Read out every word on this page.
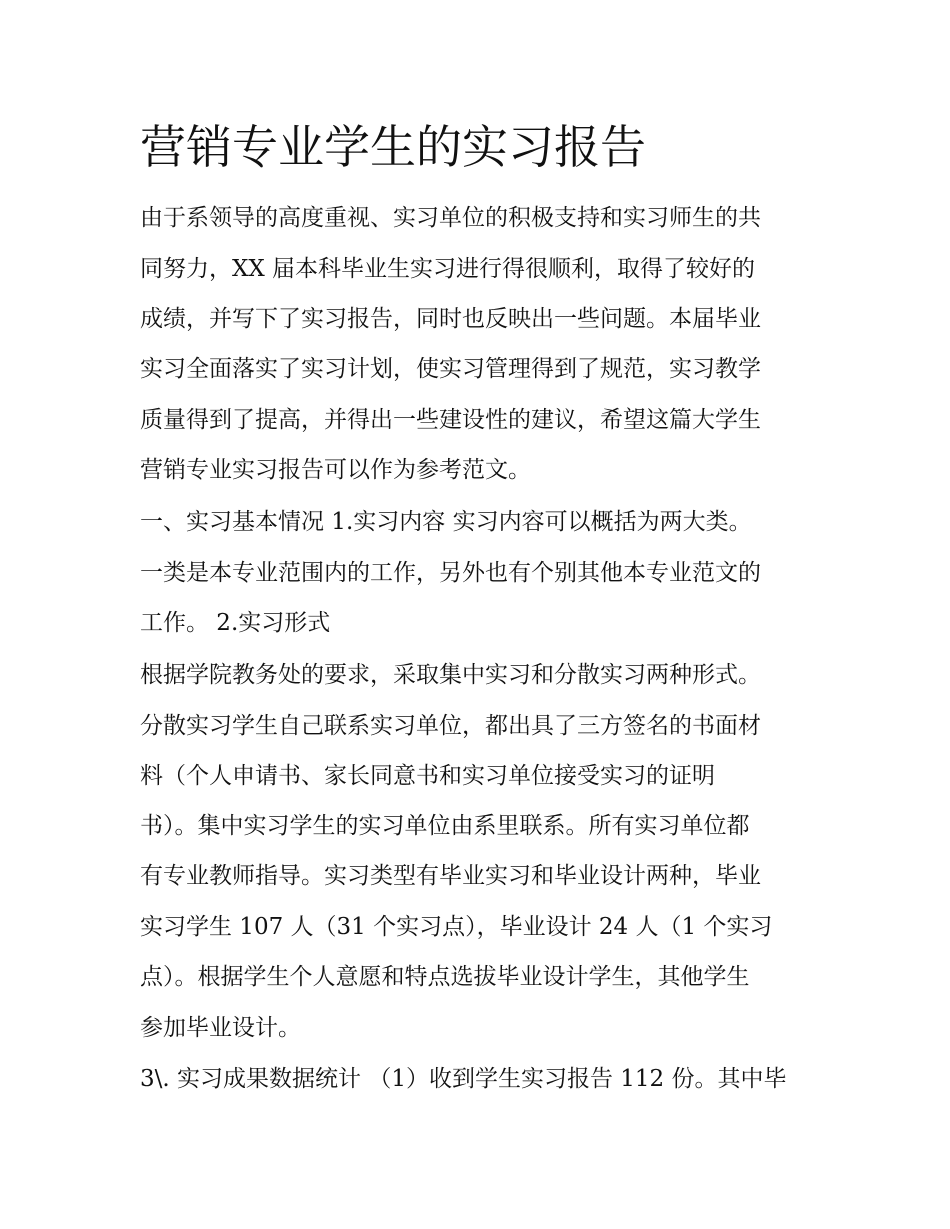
营销专业学生的实习报告

由于系领导的高度重视、实习单位的积极支持和实习师生的共

同努力，XX 届本科毕业生实习进行得很顺利，取得了较好的

成绩，并写下了实习报告，同时也反映出一些问题。本届毕业

实习全面落实了实习计划，使实习管理得到了规范，实习教学

质量得到了提高，并得出一些建设性的建议，希望这篇大学生

营销专业实习报告可以作为参考范文。

一、实习基本情况 1.实习内容 实习内容可以概括为两大类。

一类是本专业范围内的工作，另外也有个别其他本专业范文的

工作。 2.实习形式

根据学院教务处的要求，采取集中实习和分散实习两种形式。

分散实习学生自己联系实习单位，都出具了三方签名的书面材

料（个人申请书、家长同意书和实习单位接受实习的证明

书）。集中实习学生的实习单位由系里联系。所有实习单位都

有专业教师指导。实习类型有毕业实习和毕业设计两种，毕业

实习学生 107 人（31 个实习点），毕业设计 24 人（1 个实习

点）。根据学生个人意愿和特点选拔毕业设计学生，其他学生

参加毕业设计。

3\. 实习成果数据统计 （1）收到学生实习报告 112 份。其中毕
